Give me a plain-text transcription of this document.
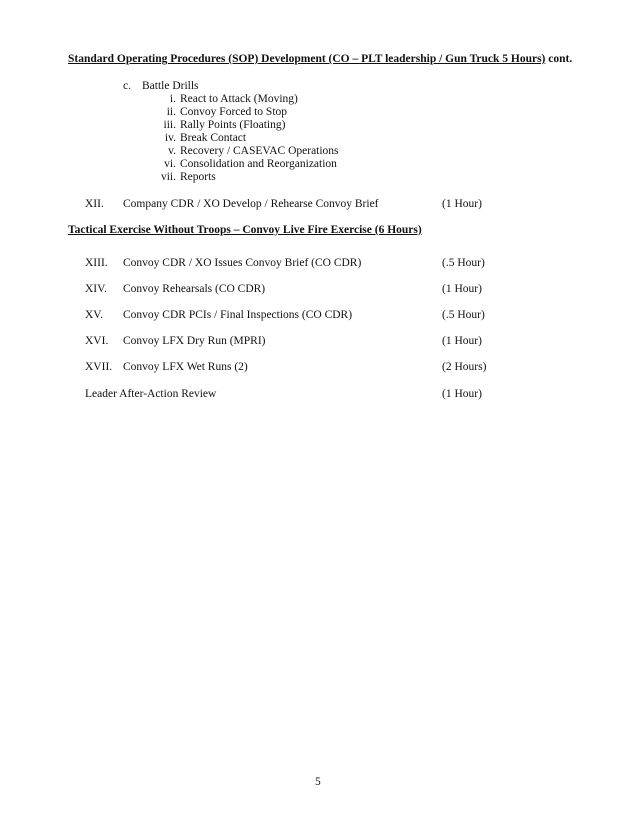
Standard Operating Procedures (SOP) Development (CO – PLT leadership / Gun Truck 5 Hours) cont.
c. Battle Drills
i. React to Attack (Moving)
ii. Convoy Forced to Stop
iii. Rally Points (Floating)
iv. Break Contact
v. Recovery / CASEVAC Operations
vi. Consolidation and Reorganization
vii. Reports
XII. Company CDR / XO Develop / Rehearse Convoy Brief	(1 Hour)
Tactical Exercise Without Troops – Convoy Live Fire Exercise (6 Hours)
XIII. Convoy CDR / XO Issues Convoy Brief (CO CDR)	(.5 Hour)
XIV. Convoy Rehearsals (CO CDR)	(1 Hour)
XV. Convoy CDR PCIs / Final Inspections (CO CDR)	(.5 Hour)
XVI. Convoy LFX Dry Run (MPRI)	(1 Hour)
XVII. Convoy LFX Wet Runs (2)	(2 Hours)
Leader After-Action Review	(1 Hour)
5
